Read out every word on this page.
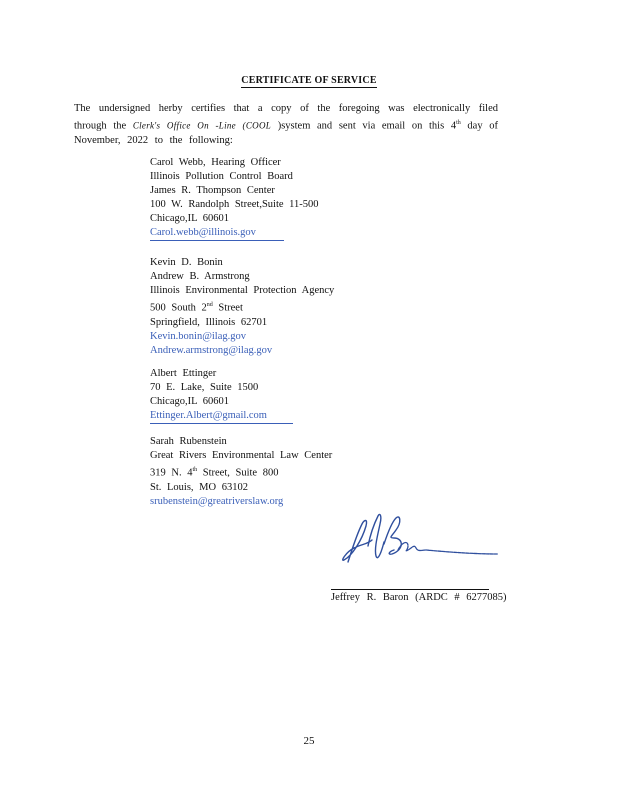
CERTIFICATE OF SERVICE
The undersigned herby certifies that a copy of the foregoing was electronically filed through the Clerk's Office On -Line (COOL )system and sent via email on this 4th day of November, 2022 to the following:
Carol Webb, Hearing Officer
Illinois Pollution Control Board
James R. Thompson Center
100 W. Randolph Street,Suite 11-500
Chicago,IL 60601
Carol.webb@illinois.gov
Kevin D. Bonin
Andrew B. Armstrong
Illinois Environmental Protection Agency
500 South 2nd Street
Springfield, Illinois 62701
Kevin.bonin@ilag.gov
Andrew.armstrong@ilag.gov
Albert Ettinger
70 E. Lake, Suite 1500
Chicago,IL 60601
Ettinger.Albert@gmail.com
Sarah Rubenstein
Great Rivers Environmental Law Center
319 N. 4th Street, Suite 800
St. Louis, MO 63102
srubenstein@greatriverslaw.org
Jeffrey R. Baron (ARDC # 6277085)
25
